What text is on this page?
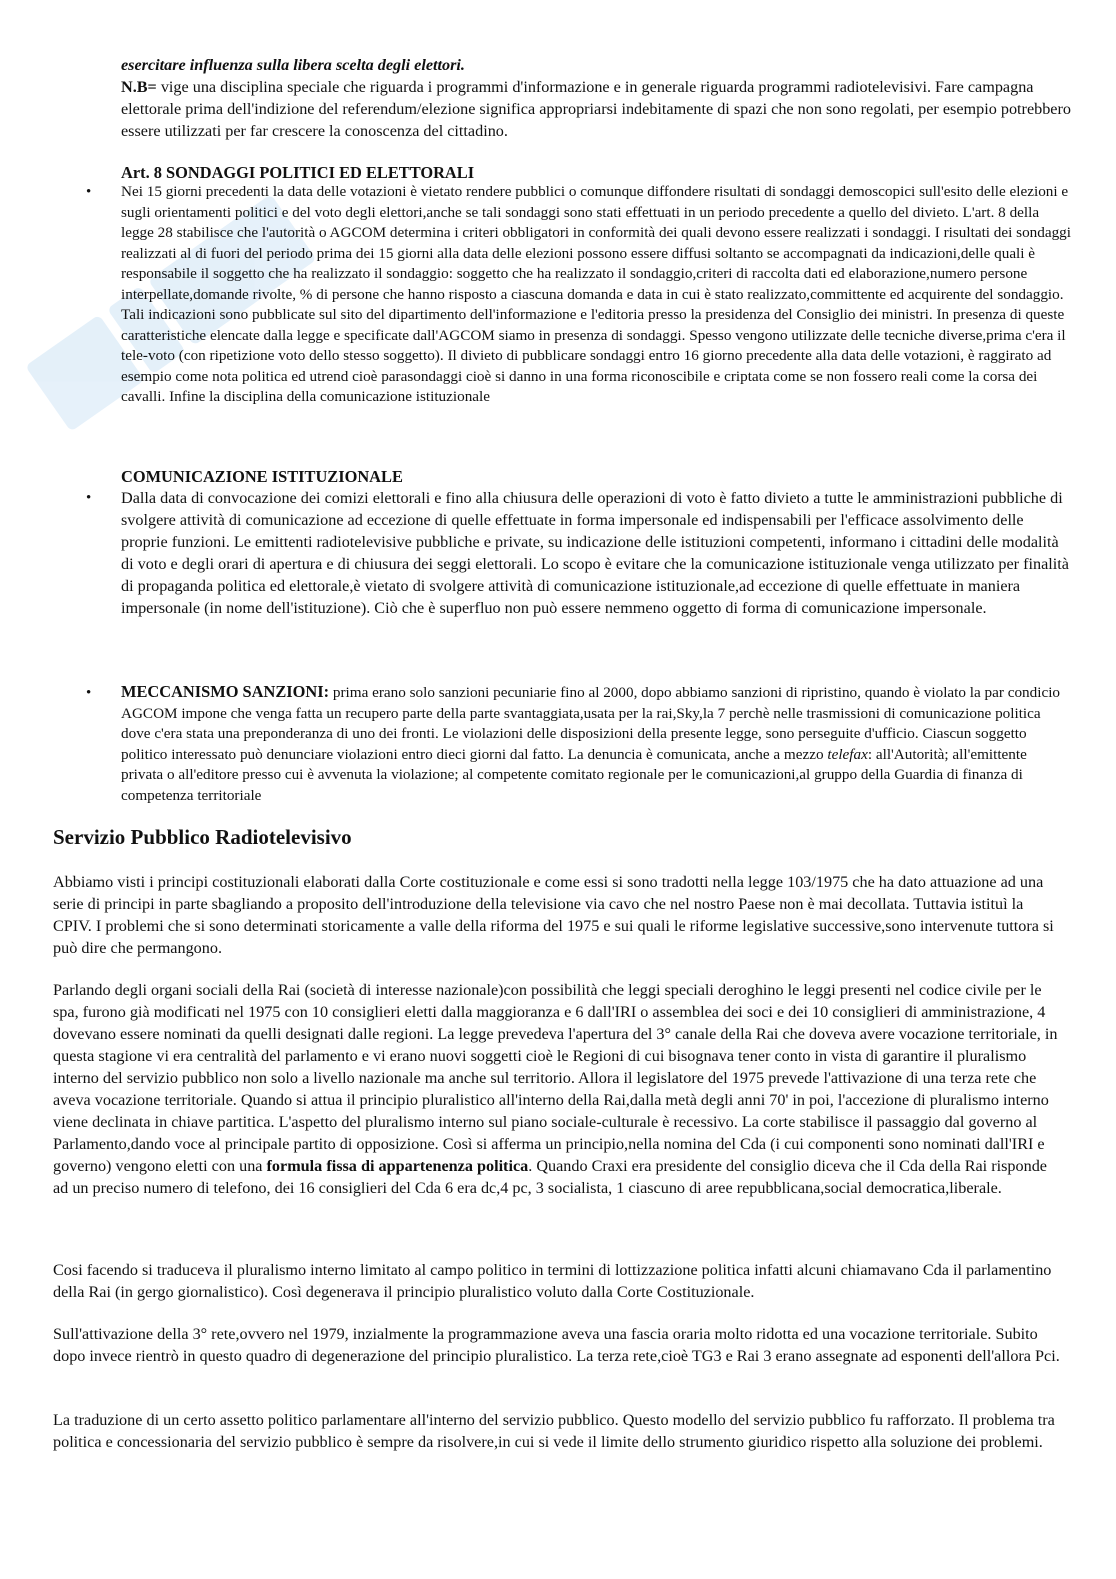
esercitare influenza sulla libera scelta degli elettori.

N.B= vige una disciplina speciale che riguarda i programmi d'informazione e in generale riguarda programmi radiotelevisivi. Fare campagna elettorale prima dell'indizione del referendum/elezione significa appropriarsi indebitamente di spazi che non sono regolati, per esempio potrebbero essere utilizzati per far crescere la conoscenza del cittadino.

Art. 8 SONDAGGI POLITICI ED ELETTORALI
• Nei 15 giorni precedenti la data delle votazioni è vietato rendere pubblici o comunque diffondere risultati di sondaggi demoscopici sull'esito delle elezioni e sugli orientamenti politici e del voto degli elettori,anche se tali sondaggi sono stati effettuati in un periodo precedente a quello del divieto. L'art. 8 della legge 28 stabilisce che l'autorità o AGCOM determina i criteri obbligatori in conformità dei quali devono essere realizzati i sondaggi. I risultati dei sondaggi realizzati al di fuori del periodo prima dei 15 giorni alla data delle elezioni possono essere diffusi soltanto se accompagnati da indicazioni,delle quali è responsabile il soggetto che ha realizzato il sondaggio: soggetto che ha realizzato il sondaggio,criteri di raccolta dati ed elaborazione,numero persone interpellate,domande rivolte, % di persone che hanno risposto a ciascuna domanda e data in cui è stato realizzato,committente ed acquirente del sondaggio. Tali indicazioni sono pubblicate sul sito del dipartimento dell'informazione e l'editoria presso la presidenza del Consiglio dei ministri. In presenza di queste caratteristiche elencate dalla legge e specificate dall'AGCOM siamo in presenza di sondaggi. Spesso vengono utilizzate delle tecniche diverse,prima c'era il tele-voto (con ripetizione voto dello stesso soggetto). Il divieto di pubblicare sondaggi entro 16 giorno precedente alla data delle votazioni, è raggirato ad esempio come nota politica ed utrend cioè parasondaggi cioè si danno in una forma riconoscibile e criptata come se non fossero reali come la corsa dei cavalli. Infine la disciplina della comunicazione istituzionale

COMUNICAZIONE ISTITUZIONALE
• Dalla data di convocazione dei comizi elettorali e fino alla chiusura delle operazioni di voto è fatto divieto a tutte le amministrazioni pubbliche di svolgere attività di comunicazione ad eccezione di quelle effettuate in forma impersonale ed indispensabili per l'efficace assolvimento delle proprie funzioni. Le emittenti radiotelevisive pubbliche e private, su indicazione delle istituzioni competenti, informano i cittadini delle modalità di voto e degli orari di apertura e di chiusura dei seggi elettorali. Lo scopo è evitare che la comunicazione istituzionale venga utilizzato per finalità di propaganda politica ed elettorale,è vietato di svolgere attività di comunicazione istituzionale,ad eccezione di quelle effettuate in maniera impersonale (in nome dell'istituzione). Ciò che è superfluo non può essere nemmeno oggetto di forma di comunicazione impersonale.

• MECCANISMO SANZIONI: prima erano solo sanzioni pecuniarie fino al 2000, dopo abbiamo sanzioni di ripristino, quando è violato la par condicio AGCOM impone che venga fatta un recupero parte della parte svantaggiata,usata per la rai,Sky,la 7 perchè nelle trasmissioni di comunicazione politica dove c'era stata una preponderanza di uno dei fronti. Le violazioni delle disposizioni della presente legge, sono perseguite d'ufficio. Ciascun soggetto politico interessato può denunciare violazioni entro dieci giorni dal fatto. La denuncia è comunicata, anche a mezzo telefax: all'Autorità; all'emittente privata o all'editore presso cui è avvenuta la violazione; al competente comitato regionale per le comunicazioni,al gruppo della Guardia di finanza di competenza territoriale

Servizio Pubblico Radiotelevisivo

Abbiamo visti i principi costituzionali elaborati dalla Corte costituzionale e come essi si sono tradotti nella legge 103/1975 che ha dato attuazione ad una serie di principi in parte sbagliando a proposito dell'introduzione della televisione via cavo che nel nostro Paese non è mai decollata. Tuttavia istituì la CPIV. I problemi che si sono determinati storicamente a valle della riforma del 1975 e sui quali le riforme legislative successive,sono intervenute tuttora si può dire che permangono.

Parlando degli organi sociali della Rai (società di interesse nazionale)con possibilità che leggi speciali deroghino le leggi presenti nel codice civile per le spa, furono già modificati nel 1975 con 10 consiglieri eletti dalla maggioranza e 6 dall'IRI o assemblea dei soci e dei 10 consiglieri di amministrazione, 4 dovevano essere nominati da quelli designati dalle regioni. La legge prevedeva l'apertura del 3° canale della Rai che doveva avere vocazione territoriale, in questa stagione vi era centralità del parlamento e vi erano nuovi soggetti cioè le Regioni di cui bisognava tener conto in vista di garantire il pluralismo interno del servizio pubblico non solo a livello nazionale ma anche sul territorio. Allora il legislatore del 1975 prevede l'attivazione di una terza rete che aveva vocazione territoriale. Quando si attua il principio pluralistico all'interno della Rai,dalla metà degli anni 70' in poi, l'accezione di pluralismo interno viene declinata in chiave partitica. L'aspetto del pluralismo interno sul piano sociale-culturale è recessivo. La corte stabilisce il passaggio dal governo al Parlamento,dando voce al principale partito di opposizione. Così si afferma un principio,nella nomina del Cda (i cui componenti sono nominati dall'IRI e governo) vengono eletti con una formula fissa di appartenenza politica. Quando Craxi era presidente del consiglio diceva che il Cda della Rai risponde ad un preciso numero di telefono, dei 16 consiglieri del Cda 6 era dc,4 pc, 3 socialista, 1 ciascuno di aree repubblicana,social democratica,liberale.

Cosi facendo si traduceva il pluralismo interno limitato al campo politico in termini di lottizzazione politica infatti alcuni chiamavano Cda il parlamentino della Rai (in gergo giornalistico). Così degenerava il principio pluralistico voluto dalla Corte Costituzionale.

Sull'attivazione della 3° rete,ovvero nel 1979, inzialmente la programmazione aveva una fascia oraria molto ridotta ed una vocazione territoriale. Subito dopo invece rientrò in questo quadro di degenerazione del principio pluralistico. La terza rete,cioè TG3 e Rai 3 erano assegnate ad esponenti dell'allora Pci.

La traduzione di un certo assetto politico parlamentare all'interno del servizio pubblico. Questo modello del servizio pubblico fu rafforzato. Il problema tra politica e concessionaria del servizio pubblico è sempre da risolvere,in cui si vede il limite dello strumento giuridico rispetto alla soluzione dei problemi.
